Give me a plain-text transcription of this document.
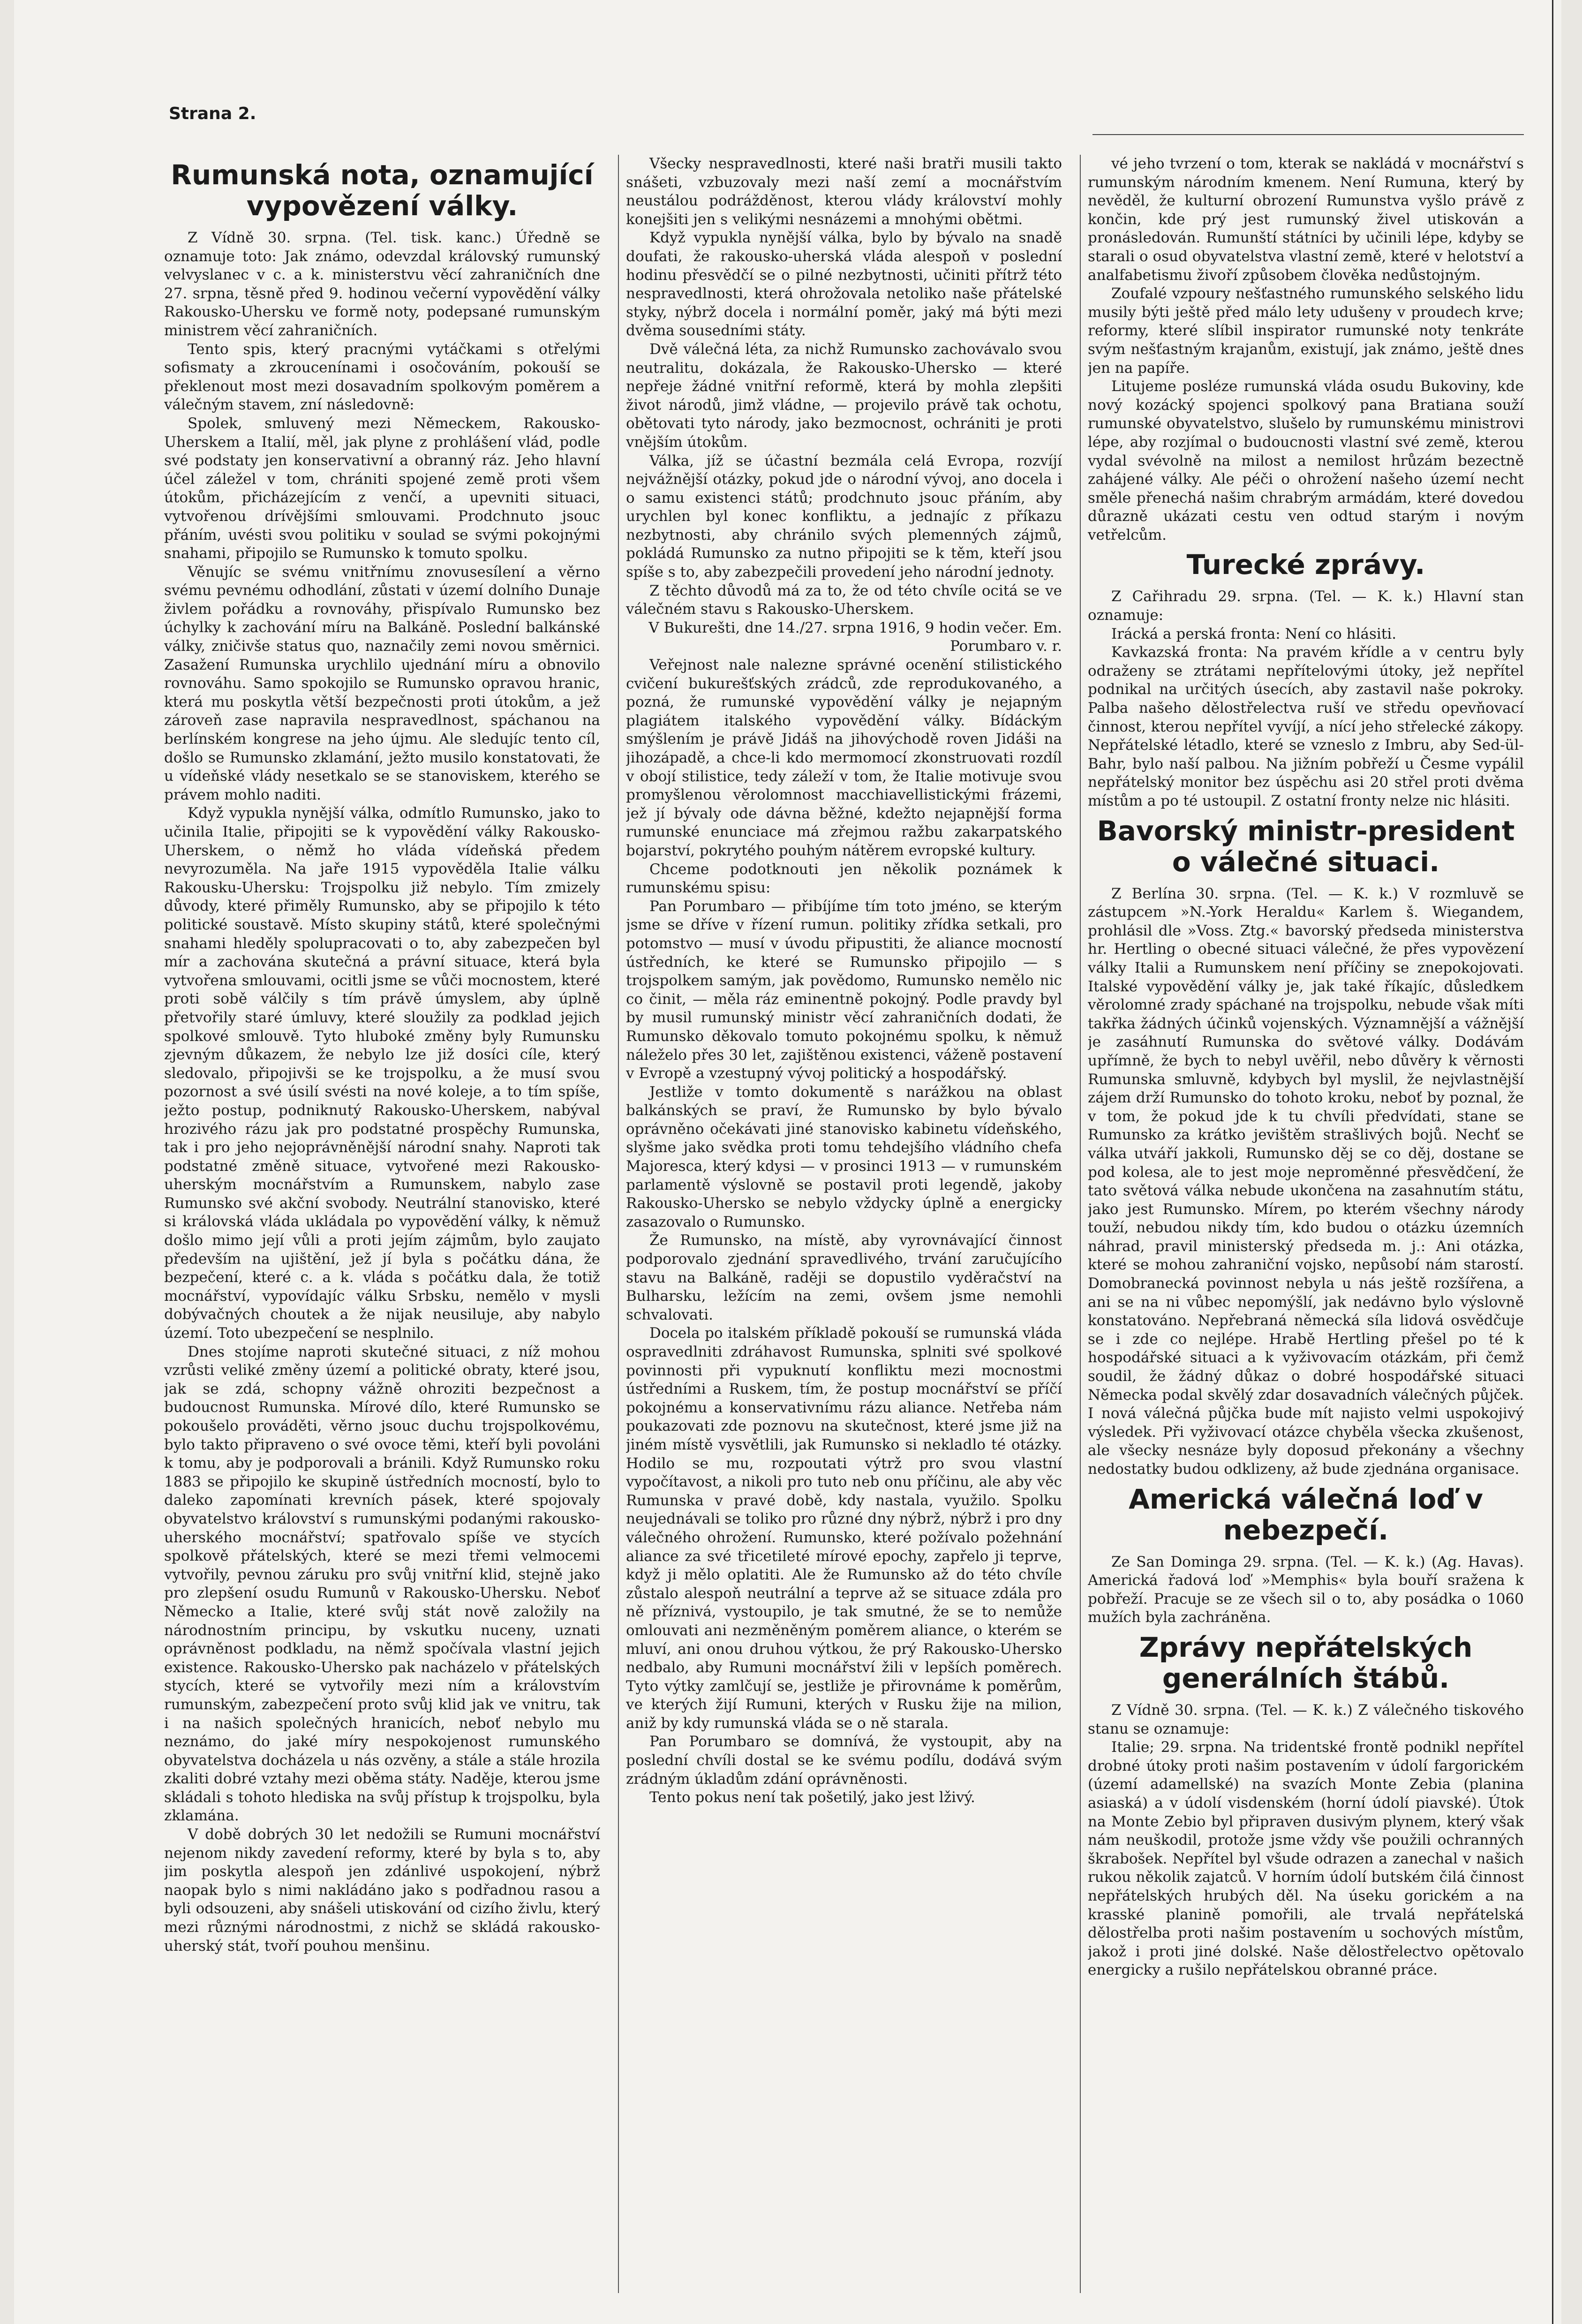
Strana 2.
Rumunská nota, oznamující vypovězení války.

Z Vídně 30. srpna. (Tel. tisk. kanc.) Úředně se oznamuje toto: Jak známo, odevzdal královský rumunský velvyslanec v c. a k. ministerstvu věcí zahraničních dne 27. srpna, těsně před 9. hodinou večerní vypovědění války Rakousko-Uhersku ve formě noty, podepsané rumunským ministrem věcí zahraničních.

Tento spis, který pracnými vytáčkami s otřelými sofismaty a zkroucenínami i osočováním, pokouší se překlenout most mezi dosavadním spolkovým poměrem a válečným stavem, zní následovně:

Spolek, smluvený mezi Německem, Rakousko-Uherskem a Italií, měl, jak plyne z prohlášení vlád, podle své podstaty jen konservativní a obranný ráz. Jeho hlavní účel záležel v tom, chrániti spojené země proti všem útokům, přicházejícím z venčí, a upevniti situaci, vytvořenou drívějšími smlouvami. Prodchnuto jsouc přáním, uvésti svou politiku v soulad se svými pokojnými snahami, připojilo se Rumunsko k tomuto spolku.

Věnujíc se svému vnitřnímu znovusesílení a věrno svému pevnému odhodlání, zůstati v území dolního Dunaje živlem pořádku a rovnováhy, přispívalo Rumunsko bez úchylky k zachování míru na Balkáně. Poslední balkánské války, zničivše status quo, naznačily zemi novou směrnici. Zasažení Rumunska urychlilo ujednání míru a obnovilo rovnováhu. Samo spokojilo se Rumunsko opravou hranic, která mu poskytla větší bezpečnosti proti útokům, a jež zároveň zase napravila nespravedlnost, spáchanou na berlínském kongrese na jeho újmu. Ale sledujíc tento cíl, došlo se Rumunsko zklamání, ježto musilo konstatovati, že u vídeňské vlády nesetkalo se se stanoviskem, kterého se právem mohlo naditi.

Když vypukla nynější válka, odmítlo Rumunsko, jako to učinila Italie, připojiti se k vypovědění války Rakousko-Uherskem, o němž ho vláda vídeňská předem nevyrozuměla. Na jaře 1915 vypověděla Italie válku Rakousku-Uhersku: Trojspolku již nebylo. Tím zmizely důvody, které přiměly Rumunsko, aby se připojilo k této politické soustavě. Místo skupiny států, které společnými snahami hleděly spolupracovati o to, aby zabezpečen byl mír a zachována skutečná a právní situace, která byla vytvořena smlouvami, ocitli jsme se vůči mocnostem, které proti sobě válčily s tím právě úmyslem, aby úplně přetvořily staré úmluvy, které sloužily za podklad jejich spolkové smlouvě. Tyto hluboké změny byly Rumunsku zjevným důkazem, že nebylo lze již dosíci cíle, který sledovalo, připojivši se ke trojspolku, a že musí svou pozornost a své úsilí svésti na nové koleje, a to tím spíše, ježto postup, podniknutý Rakousko-Uherskem, nabýval hrozivého rázu jak pro podstatné prospěchy Rumunska, tak i pro jeho nejoprávněnější národní snahy. Naproti tak podstatné změně situace, vytvořené mezi Rakousko-uherským mocnářstvím a Rumunskem, nabylo zase Rumunsko své akční svobody. Neutrální stanovisko, které si královská vláda ukládala po vypovědění války, k němuž došlo mimo její vůli a proti jejím zájmům, bylo zaujato především na ujištění, jež jí byla s počátku dána, že bezpečení, které c. a k. vláda s počátku dala, že totiž mocnářství, vypovídajíc válku Srbsku, nemělo v mysli dobývačných choutek a že nijak neusiluje, aby nabylo území. Toto ubezpečení se nesplnilo.

Dnes stojíme naproti skutečné situaci, z níž mohou vzrůsti veliké změny území a politické obraty, které jsou, jak se zdá, schopny vážně ohroziti bezpečnost a budoucnost Rumunska. Mírové dílo, které Rumunsko se pokoušelo prováděti, věrno jsouc duchu trojspolkovému, bylo takto připraveno o své ovoce těmi, kteří byli povoláni k tomu, aby je podporovali a bránili. Když Rumunsko roku 1883 se připojilo ke skupině ústředních mocností, bylo to daleko zapomínati krevních pásek, které spojovaly obyvatelstvo království s rumunskými podanými rakousko-uherského mocnářství; spatřovalo spíše ve stycích spolkově přátelských, které se mezi třemi velmocemi vytvořily, pevnou záruku pro svůj vnitřní klid, stejně jako pro zlepšení osudu Rumunů v Rakousko-Uhersku. Neboť Německo a Italie, které svůj stát nově založily na národnostním principu, by vskutku nuceny, uznati oprávněnost podkladu, na němž spočívala vlastní jejich existence. Rakousko-Uhersko pak nacházelo v přátelských stycích, které se vytvořily mezi ním a královstvím rumunským, zabezpečení proto svůj klid jak ve vnitru, tak i na našich společných hranicích, neboť nebylo mu neznámo, do jaké míry nespokojenost rumunského obyvatelstva docházela u nás ozvěny, a stále a stále hrozila zkaliti dobré vztahy mezi oběma státy. Naděje, kterou jsme skládali s tohoto hlediska na svůj přístup k trojspolku, byla zklamána.

V době dobrých 30 let nedožili se Rumuni mocnářství nejenom nikdy zavedení reformy, které by byla s to, aby jim poskytla alespoň jen zdánlivé uspokojení, nýbrž naopak bylo s nimi nakládáno jako s podřadnou rasou a byli odsouzeni, aby snášeli utiskování od cizího živlu, který mezi různými národnostmi, z nichž se skládá rakousko-uherský stát, tvoří pouhou menšinu.

Všecky nespravedlnosti, které naši bratři musili takto snášeti, vzbuzovaly mezi naší zemí a mocnářstvím neustálou podrážděnost, kterou vlády království mohly konejšiti jen s velikými nesnázemi a mnohými obětmi.

Když vypukla nynější válka, bylo by bývalo na snadě doufati, že rakousko-uherská vláda alespoň v poslední hodinu přesvědčí se o pilné nezbytnosti, učiniti přítrž této nespravedlnosti, která ohrožovala netoliko naše přátelské styky, nýbrž docela i normální poměr, jaký má býti mezi dvěma sousedními státy.

Dvě válečná léta, za nichž Rumunsko zachovávalo svou neutralitu, dokázala, že Rakousko-Uhersko — které nepřeje žádné vnitřní reformě, která by mohla zlepšiti život národů, jimž vládne, — projevilo právě tak ochotu, obětovati tyto národy, jako bezmocnost, ochrániti je proti vnějším útokům.

Válka, jíž se účastní bezmála celá Evropa, rozvíjí nejvážnější otázky, pokud jde o národní vývoj, ano docela i o samu existenci států; prodchnuto jsouc přáním, aby urychlen byl konec konfliktu, a jednajíc z příkazu nezbytnosti, aby chránilo svých plemenných zájmů, pokládá Rumunsko za nutno připojiti se k těm, kteří jsou spíše s to, aby zabezpečili provedení jeho národní jednoty.

Z těchto důvodů má za to, že od této chvíle ocitá se ve válečném stavu s Rakousko-Uherskem.

V Bukurešti, dne 14./27. srpna 1916, 9 hodin večer. Em. Porumbaro v. r.

Veřejnost nale nalezne správné ocenění stilistického cvičení bukurešťských zrádců, zde reprodukovaného, a pozná, že rumunské vypovědění války je nejapným plagiátem italského vypovědění války. Bídáckým smýšlením je právě Jidáš na jihovýchodě roven Jidáši na jihozápadě, a chce-li kdo mermomocí zkonstruovati rozdíl v obojí stilistice, tedy záleží v tom, že Italie motivuje svou promyšlenou věrolomnost macchiavellistickými frázemi, jež jí bývaly ode dávna běžné, kdežto nejapnější forma rumunské enunciace má zřejmou ražbu zakarpatského bojarství, pokrytého pouhým nátěrem evropské kultury.

Chceme podotknouti jen několik poznámek k rumunskému spisu:

Pan Porumbaro — přibíjíme tím toto jméno, se kterým jsme se dříve v řízení rumun. politiky zřídka setkali, pro potomstvo — musí v úvodu připustiti, že aliance mocností ústředních, ke které se Rumunsko připojilo — s trojspolkem samým, jak povědomo, Rumunsko nemělo nic co činit, — měla ráz eminentně pokojný. Podle pravdy byl by musil rumunský ministr věcí zahraničních dodati, že Rumunsko děkovalo tomuto pokojnému spolku, k němuž náleželo přes 30 let, zajištěnou existenci, váženě postavení v Evropě a vzestupný vývoj politický a hospodářský.

Jestliže v tomto dokumentě s narážkou na oblast balkánských se praví, že Rumunsko by bylo bývalo oprávněno očekávati jiné stanovisko kabinetu vídeňského, slyšme jako svědka proti tomu tehdejšího vládního chefa Majoresca, který kdysi — v prosinci 1913 — v rumunském parlamentě výslovně se postavil proti legendě, jakoby Rakousko-Uhersko se nebylo vždycky úplně a energicky zasazovalo o Rumunsko.

Že Rumunsko, na místě, aby vyrovnávající činnost podporovalo zjednání spravedlivého, trvání zaručujícího stavu na Balkáně, raději se dopustilo vyděračství na Bulharsku, ležícím na zemi, ovšem jsme nemohli schvalovati.

Docela po italském příkladě pokouší se rumunská vláda ospravedlniti zdráhavost Rumunska, splniti své spolkové povinnosti při vypuknutí konfliktu mezi mocnostmi ústředními a Ruskem, tím, že postup mocnářství se příčí pokojnému a konservativnímu rázu aliance. Netřeba nám poukazovati zde poznovu na skutečnost, které jsme již na jiném místě vysvětlili, jak Rumunsko si nekladlo té otázky. Hodilo se mu, rozpoutati výtrž pro svou vlastní vypočítavost, a nikoli pro tuto neb onu příčinu, ale aby věc Rumunska v pravé době, kdy nastala, využilo. Spolku neujednávali se toliko pro různé dny nýbrž, nýbrž i pro dny válečného ohrožení. Rumunsko, které požívalo požehnání aliance za své třicetileté mírové epochy, zapřelo ji teprve, když ji mělo oplatiti. Ale že Rumunsko až do této chvíle zůstalo alespoň neutrální a teprve až se situace zdála pro ně příznivá, vystoupilo, je tak smutné, že se to nemůže omlouvati ani nezměněným poměrem aliance, o kterém se mluví, ani onou druhou výtkou, že prý Rakousko-Uhersko nedbalo, aby Rumuni mocnářství žili v lepších poměrech. Tyto výtky zamlčují se, jestliže je přirovnáme k poměrům, ve kterých žijí Rumuni, kterých v Rusku žije na milion, aniž by kdy rumunská vláda se o ně starala.

Pan Porumbaro se domnívá, že vystoupit, aby na poslední chvíli dostal se ke svému podílu, dodává svým zrádným úkladům zdání oprávněnosti.

Tento pokus není tak pošetilý, jako jest lživý.

vé jeho tvrzení o tom, kterak se nakládá v mocnářství s rumunským národním kmenem. Není Rumuna, který by nevěděl, že kulturní obrození Rumunstva vyšlo právě z končin, kde prý jest rumunský živel utiskován a pronásledován. Rumunští státníci by učinili lépe, kdyby se starali o osud obyvatelstva vlastní země, které v helotství a analfabetismu živoří způsobem člověka nedůstojným.

Zoufalé vzpoury nešťastného rumunského selského lidu musily býti ještě před málo lety udušeny v proudech krve; reformy, které slíbil inspirator rumunské noty tenkráte svým nešťastným krajanům, existují, jak známo, ještě dnes jen na papíře.

Litujeme posléze rumunská vláda osudu Bukoviny, kde nový kozácký spojenci spolkový pana Bratiana souží rumunské obyvatelstvo, slušelo by rumunskému ministrovi lépe, aby rozjímal o budoucnosti vlastní své země, kterou vydal svévolně na milost a nemilost hrůzám bezectně zahájené války. Ale péči o ohrožení našeho území necht směle přenechá našim chrabrým armádám, které dovedou důrazně ukázati cestu ven odtud starým i novým vetřelcům.

Turecké zprávy.

Z Cařihradu 29. srpna. (Tel. — K. k.) Hlavní stan oznamuje:

Irácká a perská fronta: Není co hlásiti.

Kavkazská fronta: Na pravém křídle a v centru byly odraženy se ztrátami nepřítelovými útoky, jež nepřítel podnikal na určitých úsecích, aby zastavil naše pokroky. Palba našeho dělostřelectva ruší ve středu opevňovací činnost, kterou nepřítel vyvíjí, a nící jeho střelecké zákopy. Nepřátelské létadlo, které se vzneslo z Imbru, aby Sed-ül-Bahr, bylo naší palbou. Na jižním pobřeží u Česme vypálil nepřátelský monitor bez úspěchu asi 20 střel proti dvěma místům a po té ustoupil. Z ostatní fronty nelze nic hlásiti.

Bavorský ministr-president o válečné situaci.

Z Berlína 30. srpna. (Tel. — K. k.) V rozmluvě se zástupcem »N.-York Heraldu« Karlem š. Wiegandem, prohlásil dle »Voss. Ztg.« bavorský předseda ministerstva hr. Hertling o obecné situaci válečné, že přes vypovězení války Italii a Rumunskem není příčiny se znepokojovati. Italské vypovědění války je, jak také říkajíc, důsledkem věrolomné zrady spáchané na trojspolku, nebude však míti takřka žádných účinků vojenských. Významnější a vážnější je zasáhnutí Rumunska do světové války. Dodávám upřímně, že bych to nebyl uvěřil, nebo důvěry k věrnosti Rumunska smluvně, kdybych byl myslil, že nejvlastnější zájem drží Rumunsko do tohoto kroku, neboť by poznal, že v tom, že pokud jde k tu chvíli předvídati, stane se Rumunsko za krátko jevištěm strašlivých bojů. Nechť se válka utváří jakkoli, Rumunsko děj se co děj, dostane se pod kolesa, ale to jest moje neproměnné přesvědčení, že tato světová válka nebude ukončena na zasahnutím státu, jako jest Rumunsko. Mírem, po kterém všechny národy touží, nebudou nikdy tím, kdo budou o otázku územních náhrad, pravil ministerský předseda m. j.: Ani otázka, které se mohou zahraniční vojsko, nepůsobí nám starostí. Domobranecká povinnost nebyla u nás ještě rozšířena, a ani se na ni vůbec nepomýšlí, jak nedávno bylo výslovně konstatováno. Nepřebraná německá síla lidová osvědčuje se i zde co nejlépe. Hrabě Hertling přešel po té k hospodářské situaci a k vyživovacím otázkám, při čemž soudil, že žádný důkaz o dobré hospodářské situaci Německa podal skvělý zdar dosavadních válečných půjček. I nová válečná půjčka bude mít najisto velmi uspokojivý výsledek. Při vyživovací otázce chyběla všecka zkušenost, ale všecky nesnáze byly doposud překonány a všechny nedostatky budou odklizeny, až bude zjednána organisace.

Americká válečná loď v nebezpečí.

Ze San Dominga 29. srpna. (Tel. — K. k.) (Ag. Havas). Americká řadová loď »Memphis« byla bouří sražena k pobřeží. Pracuje se ze všech sil o to, aby posádka o 1060 mužích byla zachráněna.

Zprávy nepřátelských generálních štábů.

Z Vídně 30. srpna. (Tel. — K. k.) Z válečného tiskového stanu se oznamuje:

Italie; 29. srpna. Na tridentské frontě podnikl nepřítel drobné útoky proti našim postavením v údolí fargorickém (území adamellské) na svazích Monte Zebia (planina asiaská) a v údolí visdenském (horní údolí piavské). Útok na Monte Zebio byl připraven dusivým plynem, který však nám neuškodil, protože jsme vždy vše použili ochranných škrabošek. Nepřítel byl všude odrazen a zanechal v našich rukou několik zajatců. V horním údolí butském čilá činnost nepřátelských hrubých děl. Na úseku gorickém a na krasské planině pomořili, ale trvalá nepřátelská dělostřelba proti našim postavením u sochových místům, jakož i proti jiné dolské. Naše dělostřelectvo opětovalo energicky a rušilo nepřátelskou obranné práce.
